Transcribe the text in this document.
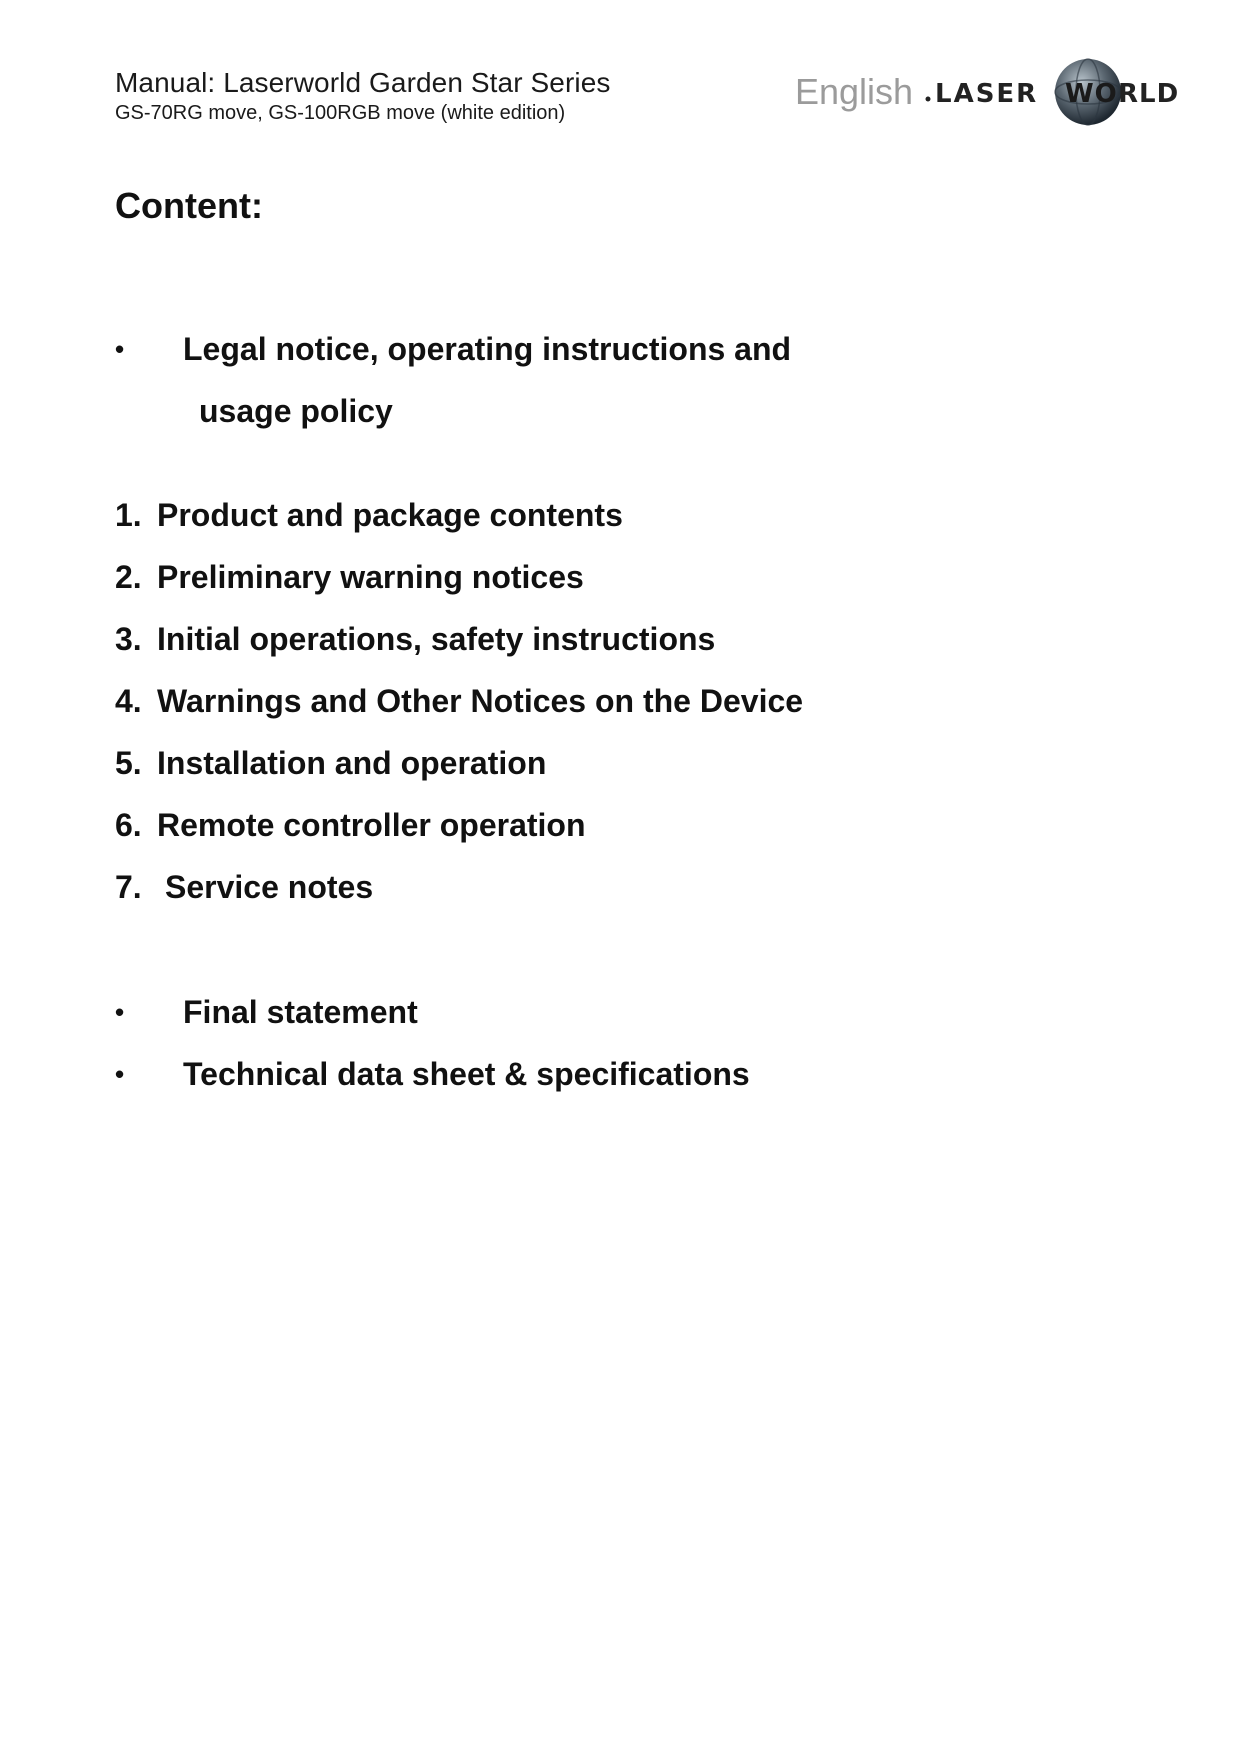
Manual: Laserworld Garden Star Series
GS-70RG move, GS-100RGB move (white edition)
English LASER WO RLD
Content:
• Legal notice, operating instructions and
usage policy
1. Product and package contents
2. Preliminary warning notices
3. Initial operations, safety instructions
4. Warnings and Other Notices on the Device
5. Installation and operation
6. Remote controller operation
7. Service notes
• Final statement
• Technical data sheet & specifications
